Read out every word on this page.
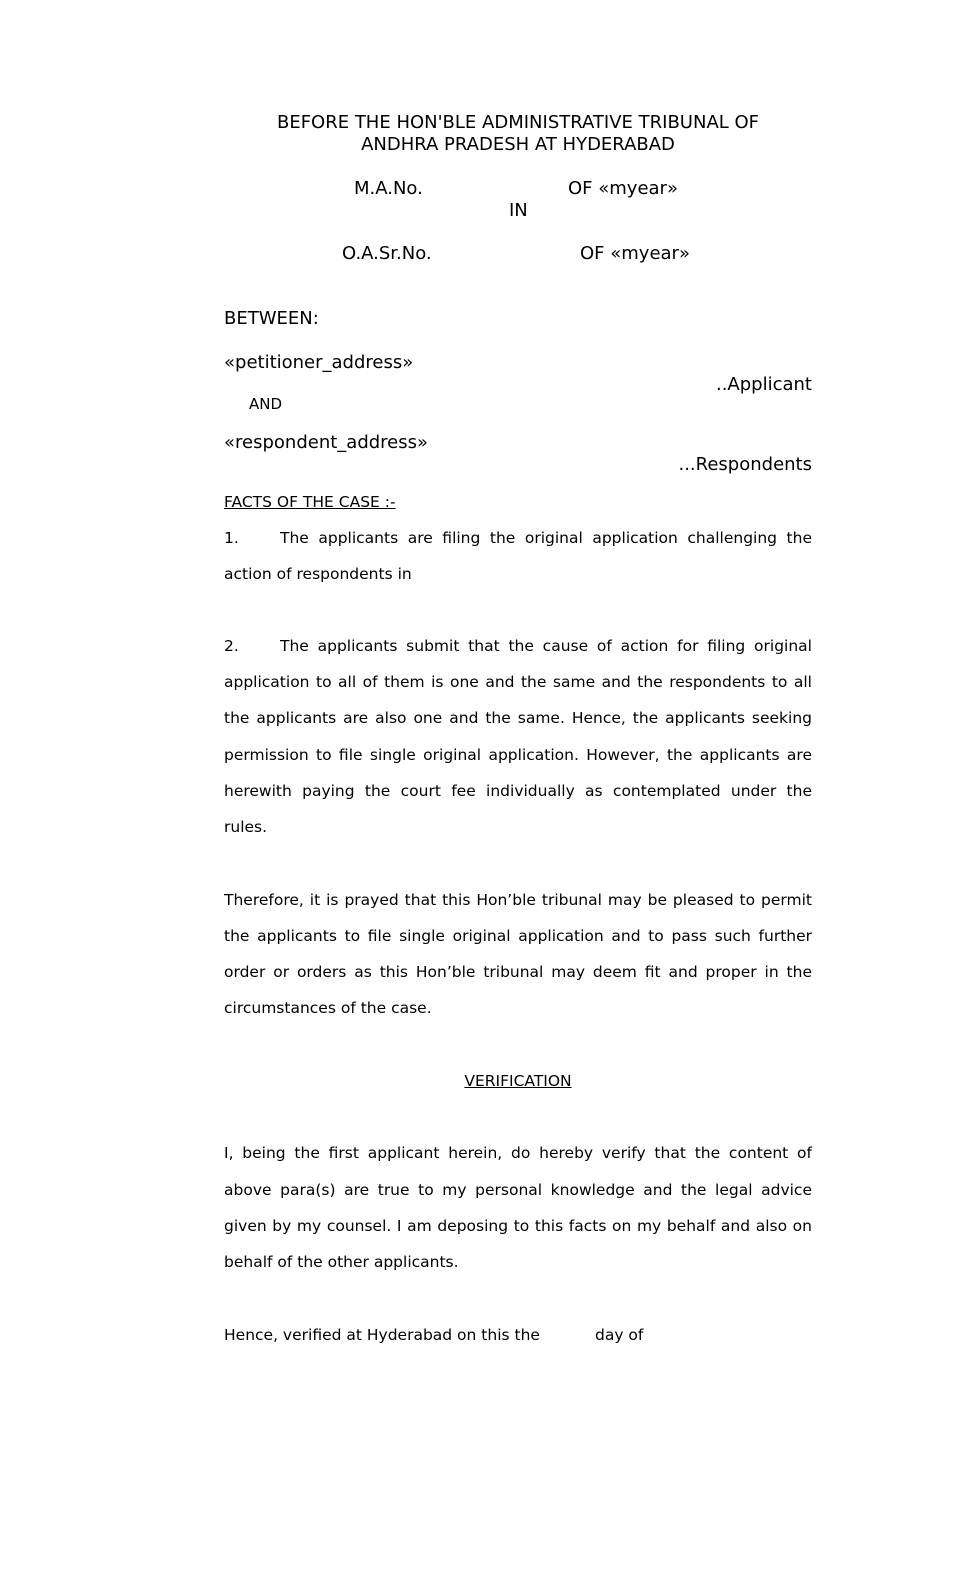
BEFORE THE HON'BLE ADMINISTRATIVE TRIBUNAL OF
ANDHRA PRADESH AT HYDERABAD
M.A.No.	OF «myear»
IN
O.A.Sr.No.	OF «myear»
BETWEEN:
«petitioner_address»
..Applicant
AND
«respondent_address»
...Respondents
FACTS OF THE CASE :-
1.	The applicants are filing the original application challenging the
action of respondents in
2.	The applicants submit that the cause of action for filing original
application to all of them is one and the same and the respondents to all
the applicants are also one and the same. Hence, the applicants seeking
permission to file single original application. However, the applicants are
herewith paying the court fee individually as contemplated under the
rules.
Therefore, it is prayed that this Hon’ble tribunal may be pleased to permit
the applicants to file single original application and to pass such further
order or orders as this Hon’ble tribunal may deem fit and proper in the
circumstances of the case.
VERIFICATION
I, being the first applicant herein, do hereby verify that the content of
above para(s) are true to my personal knowledge and the legal advice
given by my counsel. I am deposing to this facts on my behalf and also on
behalf of the other applicants.
Hence, verified at Hyderabad on this the	day of
